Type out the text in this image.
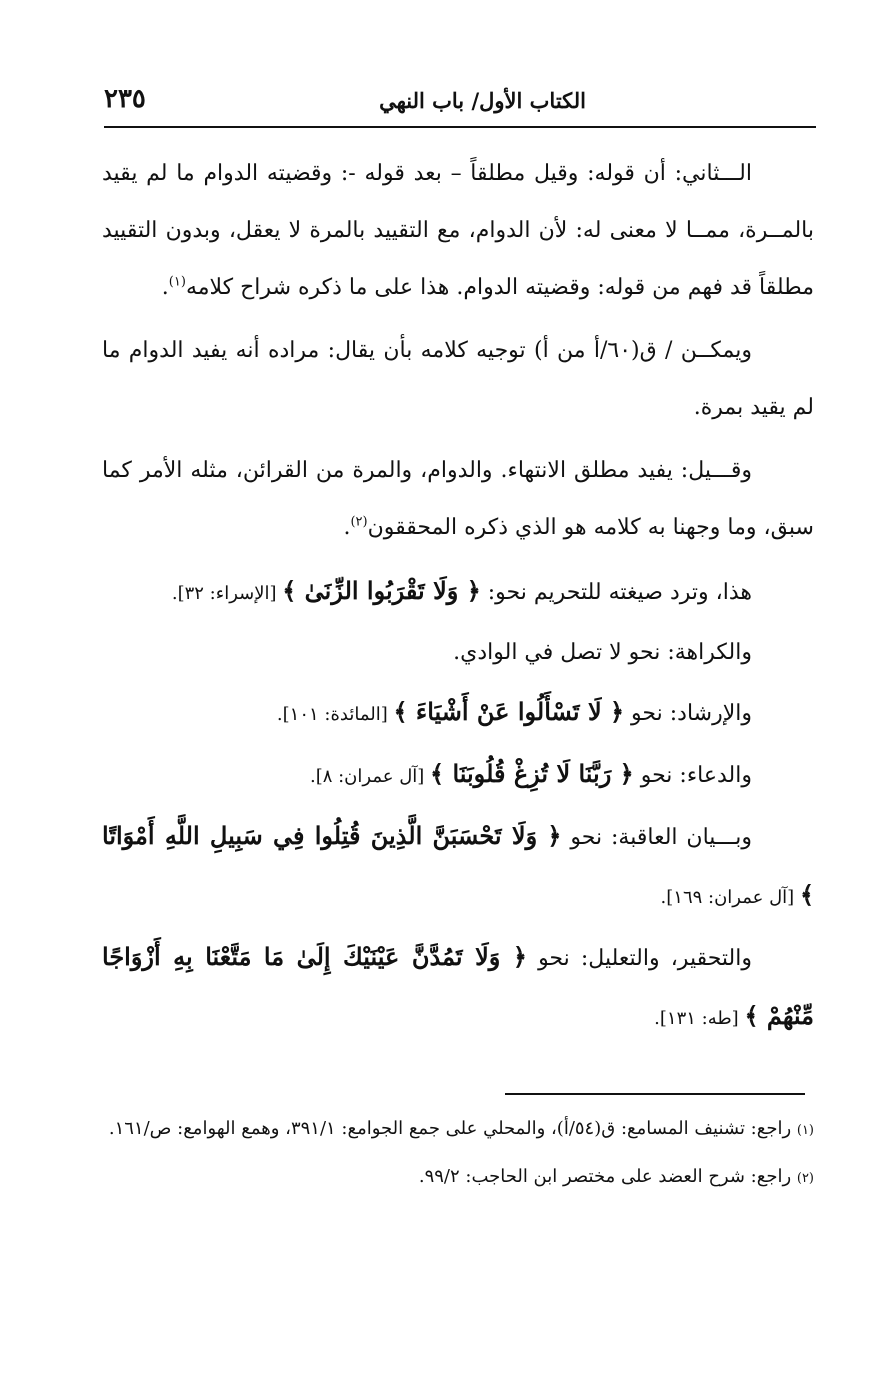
الكتاب الأول/ باب النهي
٢٣٥

الـــثاني: أن قوله: وقيل مطلقاً – بعد قوله -: وقضيته الدوام ما لم يقيد بالمــرة، ممــا لا معنى له: لأن الدوام، مع التقييد بالمرة لا يعقل، وبدون التقييد مطلقاً قد فهم من قوله: وقضيته الدوام. هذا على ما ذكره شراح كلامه$^{(١)}$.

ويمكــن / ق(٦٠/أ من أ) توجيه كلامه بأن يقال: مراده أنه يفيد الدوام ما لم يقيد بمرة.

وقـــيل: يفيد مطلق الانتهاء. والدوام، والمرة من القرائن، مثله الأمر كما سبق، وما وجهنا به كلامه هو الذي ذكره المحققون$^{(٢)}$.

هذا، وترد صيغته للتحريم نحو: ﴿ وَلَا تَقْرَبُوا الزِّنَىٰ ﴾ [الإسراء: ٣٢].

والكراهة: نحو لا تصل في الوادي.

والإرشاد: نحو ﴿ لَا تَسْأَلُوا عَنْ أَشْيَاءَ ﴾ [المائدة: ١٠١].

والدعاء: نحو ﴿ رَبَّنَا لَا تُزِغْ قُلُوبَنَا ﴾ [آل عمران: ٨].

وبـــيان العاقبة: نحو ﴿ وَلَا تَحْسَبَنَّ الَّذِينَ قُتِلُوا فِي سَبِيلِ اللَّهِ أَمْوَاتًا ﴾ [آل عمران: ١٦٩].

والتحقير، والتعليل: نحو ﴿ وَلَا تَمُدَّنَّ عَيْنَيْكَ إِلَىٰ مَا مَتَّعْنَا بِهِ أَزْوَاجًا مِّنْهُمْ ﴾ [طه: ١٣١].

(١) راجع: تشنيف المسامع: ق(٥٤/أ)، والمحلي على جمع الجوامع: ٣٩١/١، وهمع الهوامع: ص/١٦١.

(٢) راجع: شرح العضد على مختصر ابن الحاجب: ٩٩/٢.
